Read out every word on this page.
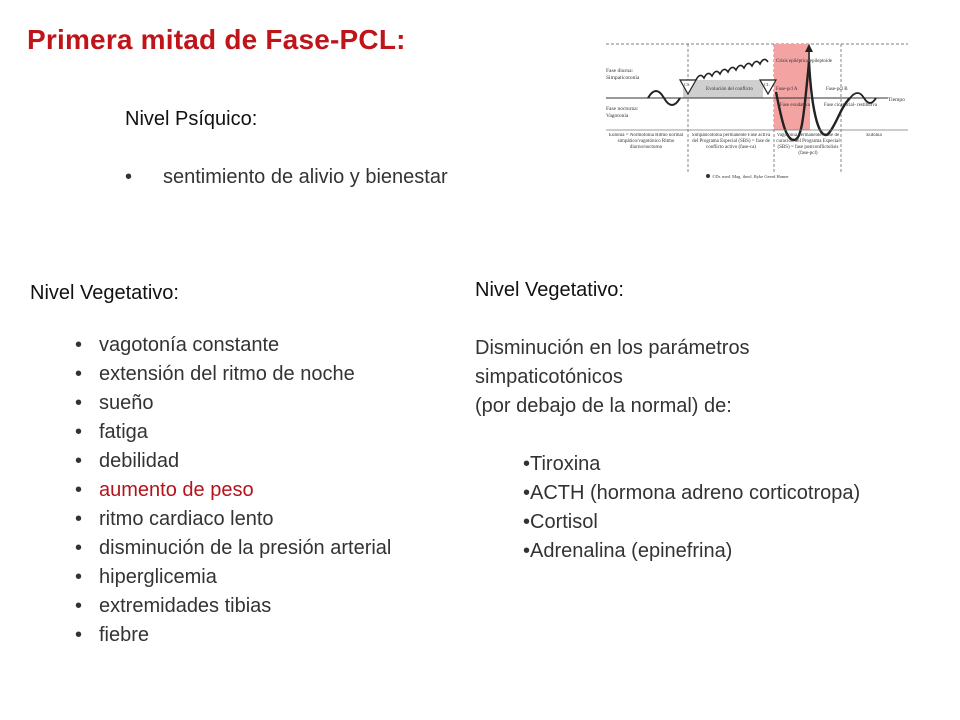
Primera mitad de Fase-PCL:
Nivel Psíquico:
• sentimiento de alivio y bienestar
Fase diurna:
Simpaticotonía
Fase nocturna:
Vagotonía
Crisis epiléptica/epileptoide
Evolución del conflicto	Fase-pcl A	Fase-pcl B
Fase exudativa	Fase cicatricial- restitutiva
Tiempo
CS	CL
Eutonía = Normotonía Ritmo normal simpático/vagotónico Ritmo diurno/nocturno
Simpaticotonía permanente Fase activa del Programa Especial (SBS) = fase de conflicto activo (fase-ca)
Vagotonía permanente. Fase de curación del Programa Especial (SBS) = fase postconflictolisis (fase-pcl)
Eutonía
©Dr. med. Mag. theol. Ryke Geerd Hamer
Nivel Vegetativo:
• vagotonía constante
• extensión del ritmo de noche
• sueño
• fatiga
• debilidad
• aumento de peso
• ritmo cardiaco lento
• disminución de la presión arterial
• hiperglicemia
• extremidades tibias
• fiebre
Nivel Vegetativo:
Disminución en los parámetros
simpaticotónicos
(por debajo de la normal) de:
•Tiroxina
•ACTH (hormona adreno corticotropa)
•Cortisol
•Adrenalina (epinefrina)
